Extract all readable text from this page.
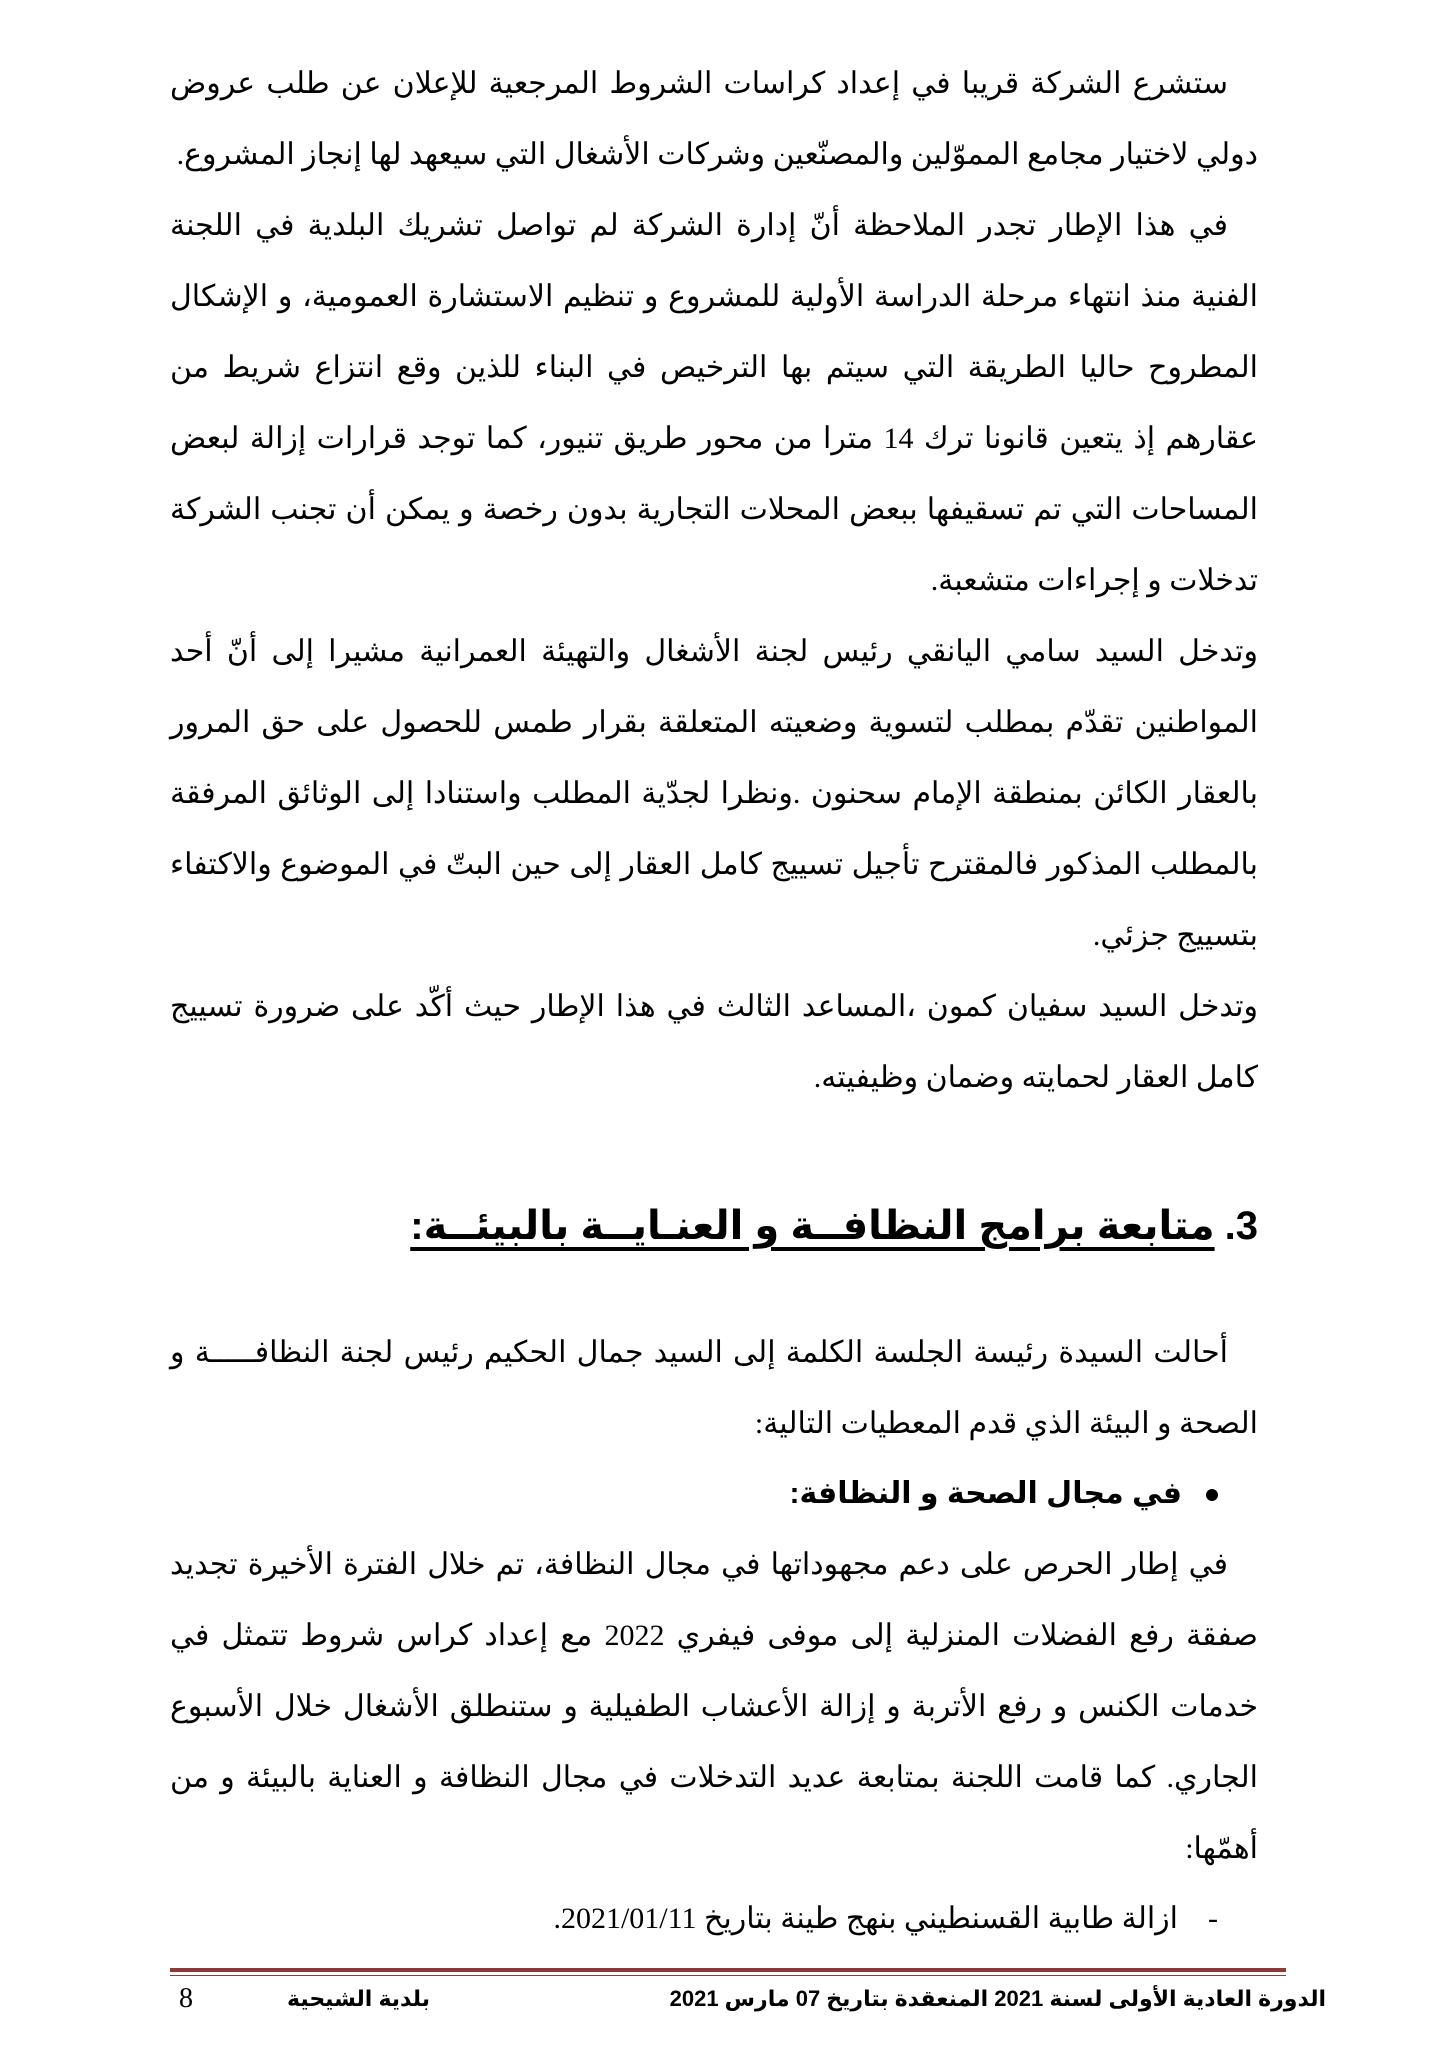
ستشرع الشركة قريبا في إعداد كراسات الشروط المرجعية للإعلان عن طلب عروض دولي لاختيار مجامع المموّلين والمصنّعين وشركات الأشغال التي سيعهد لها إنجاز المشروع.

في هذا الإطار تجدر الملاحظة أنّ إدارة الشركة لم تواصل تشريك البلدية في اللجنة الفنية منذ انتهاء مرحلة الدراسة الأولية للمشروع و تنظيم الاستشارة العمومية، و الإشكال المطروح حاليا الطريقة التي سيتم بها الترخيص في البناء للذين وقع انتزاع شريط من عقارهم إذ يتعين قانونا ترك 14 مترا من محور طريق تنيور، كما توجد قرارات إزالة لبعض المساحات التي تم تسقيفها ببعض المحلات التجارية بدون رخصة و يمكن أن تجنب الشركة تدخلات و إجراءات متشعبة.

وتدخل السيد سامي اليانقي رئيس لجنة الأشغال والتهيئة العمرانية مشيرا إلى أنّ أحد المواطنين تقدّم بمطلب لتسوية وضعيته المتعلقة بقرار طمس للحصول على حق المرور بالعقار الكائن بمنطقة الإمام سحنون .ونظرا لجدّية المطلب واستنادا إلى الوثائق المرفقة بالمطلب المذكور فالمقترح تأجيل تسييج كامل العقار إلى حين البتّ في الموضوع والاكتفاء بتسييج جزئي.

وتدخل السيد سفيان كمون ،المساعد الثالث في هذا الإطار حيث أكّد على ضرورة تسييج كامل العقار لحمايته وضمان وظيفيته.

3.متابعة برامج النظافــة و العنـايــة بالبيئــة:

أحالت السيدة رئيسة الجلسة الكلمة إلى السيد جمال الحكيم رئيس لجنة النظافـــــة و الصحة و البيئة الذي قدم المعطيات التالية:

في مجال الصحة و النظافة:

في إطار الحرص على دعم مجهوداتها في مجال النظافة، تم خلال الفترة الأخيرة تجديد صفقة رفع الفضلات المنزلية إلى موفى فيفري 2022 مع إعداد كراس شروط تتمثل في خدمات الكنس و رفع الأتربة و إزالة الأعشاب الطفيلية و ستنطلق الأشغال خلال الأسبوع الجاري. كما قامت اللجنة بمتابعة عديد التدخلات في مجال النظافة و العناية بالبيئة و من أهمّها:

-ازالة طابية القسنطيني بنهج طينة بتاريخ 2021/01/11.
الدورة العادية الأولى لسنة 2021 المنعقدة بتاريخ 07 مارس 2021
بلدية الشيحية
8
